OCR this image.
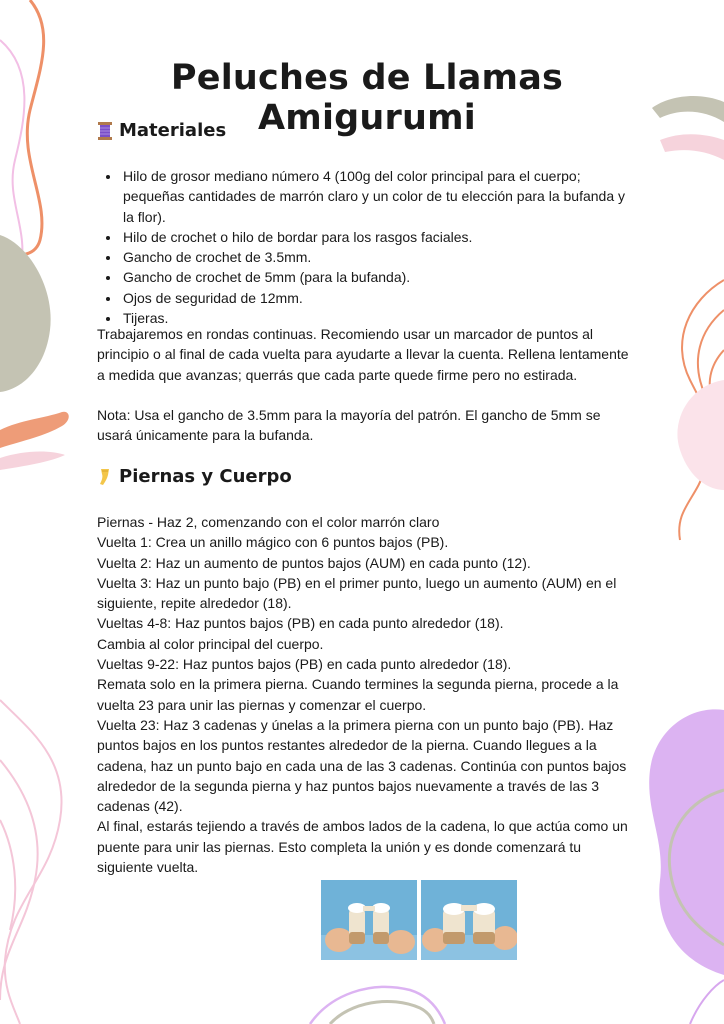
Peluches de Llamas Amigurumi
Materiales
• Hilo de grosor mediano número 4 (100g del color principal para el cuerpo; pequeñas cantidades de marrón claro y un color de tu elección para la bufanda y la flor).
• Hilo de crochet o hilo de bordar para los rasgos faciales.
• Gancho de crochet de 3.5mm.
• Gancho de crochet de 5mm (para la bufanda).
• Ojos de seguridad de 12mm.
• Tijeras.

Trabajaremos en rondas continuas. Recomiendo usar un marcador de puntos al principio o al final de cada vuelta para ayudarte a llevar la cuenta. Rellena lentamente a medida que avanzas; querrás que cada parte quede firme pero no estirada.

Nota: Usa el gancho de 3.5mm para la mayoría del patrón. El gancho de 5mm se usará únicamente para la bufanda.

Piernas y Cuerpo
Piernas - Haz 2, comenzando con el color marrón claro
Vuelta 1: Crea un anillo mágico con 6 puntos bajos (PB).
Vuelta 2: Haz un aumento de puntos bajos (AUM) en cada punto (12).
Vuelta 3: Haz un punto bajo (PB) en el primer punto, luego un aumento (AUM) en el siguiente, repite alrededor (18).
Vueltas 4-8: Haz puntos bajos (PB) en cada punto alrededor (18).
Cambia al color principal del cuerpo.
Vueltas 9-22: Haz puntos bajos (PB) en cada punto alrededor (18).
Remata solo en la primera pierna. Cuando termines la segunda pierna, procede a la vuelta 23 para unir las piernas y comenzar el cuerpo.
Vuelta 23: Haz 3 cadenas y únelas a la primera pierna con un punto bajo (PB). Haz puntos bajos en los puntos restantes alrededor de la pierna. Cuando llegues a la cadena, haz un punto bajo en cada una de las 3 cadenas. Continúa con puntos bajos alrededor de la segunda pierna y haz puntos bajos nuevamente a través de las 3 cadenas (42).
Al final, estarás tejiendo a través de ambos lados de la cadena, lo que actúa como un puente para unir las piernas. Esto completa la unión y es donde comenzará tu siguiente vuelta.
